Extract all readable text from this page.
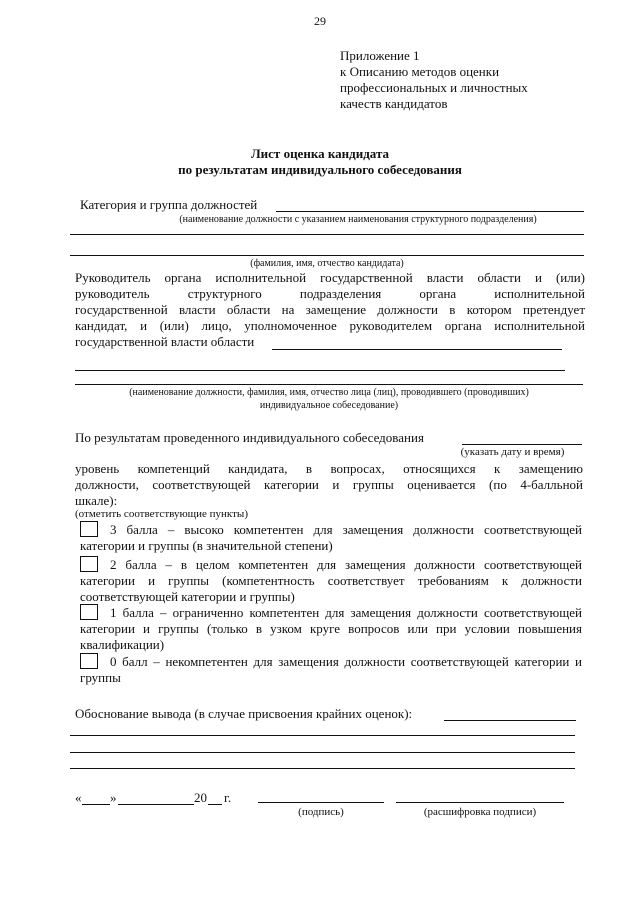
29
Приложение 1
к Описанию методов оценки
профессиональных и личностных
качеств кандидатов
Лист оценка кандидата
по результатам индивидуального собеседования
Категория и группа должностей
(наименование должности с указанием наименования структурного подразделения)
(фамилия, имя, отчество кандидата)
Руководитель органа исполнительной государственной власти области и (или)
руководитель структурного подразделения органа исполнительной
государственной власти области на замещение должности в котором претендует
кандидат, и (или) лицо, уполномоченное руководителем органа исполнительной
государственной власти области
(наименование должности, фамилия, имя, отчество лица (лиц), проводившего (проводивших)
индивидуальное собеседование)
По результатам проведенного индивидуального собеседования
(указать дату и время)
уровень компетенций кандидата, в вопросах, относящихся к замещению
должности, соответствующей категории и группы оценивается (по 4-балльной
шкале):
(отметить соответствующие пункты)
3 балла – высоко компетентен для замещения должности соответствующей категории и группы (в значительной степени)
2 балла – в целом компетентен для замещения должности соответствующей категории и группы (компетентность соответствует требованиям к должности соответствующей категории и группы)
1 балла – ограниченно компетентен для замещения должности соответствующей категории и группы (только в узком круге вопросов или при условии повышения квалификации)
0 балл – некомпетентен для замещения должности соответствующей категории и группы
Обоснование вывода (в случае присвоения крайних оценок):
« »	20 г.
(подпись)	(расшифровка подписи)
